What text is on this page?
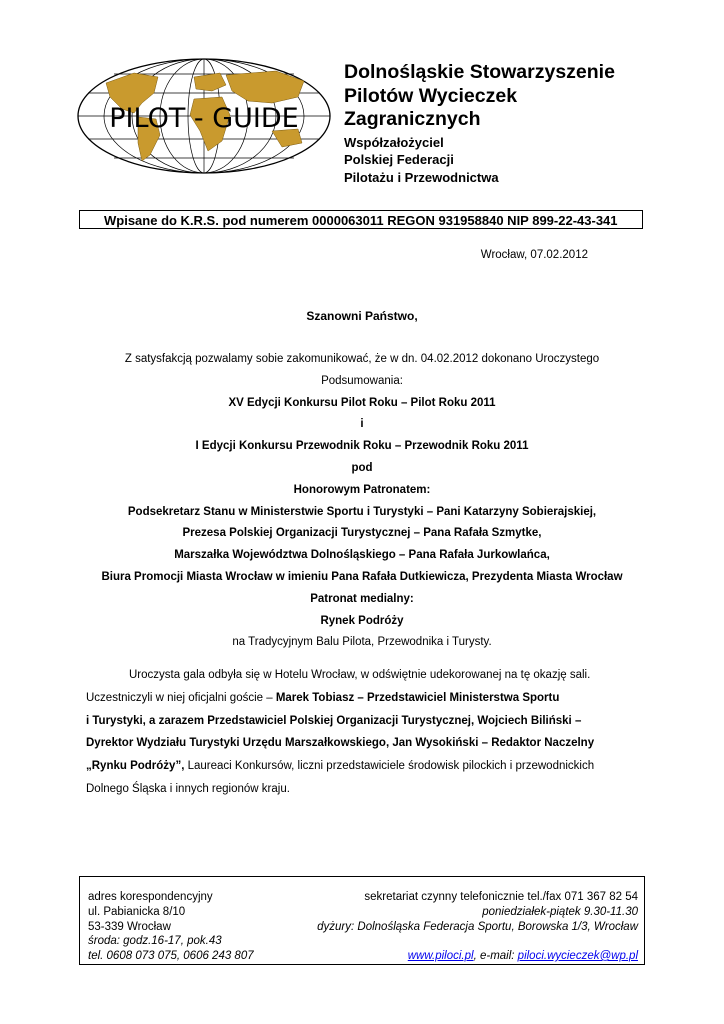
PILOT - GUIDE
Dolnośląskie Stowarzyszenie
Pilotów Wycieczek
Zagranicznych
Współzałożyciel
Polskiej Federacji
Pilotażu i Przewodnictwa
Wpisane do K.R.S. pod numerem 0000063011 REGON 931958840 NIP 899-22-43-341
Wrocław, 07.02.2012
Szanowni Państwo,
Z satysfakcją pozwalamy sobie zakomunikować, że w dn. 04.02.2012 dokonano Uroczystego
Podsumowania:
XV Edycji Konkursu Pilot Roku – Pilot Roku 2011
i
I Edycji Konkursu Przewodnik Roku – Przewodnik Roku 2011
pod
Honorowym Patronatem:
Podsekretarz Stanu w Ministerstwie Sportu i Turystyki – Pani Katarzyny Sobierajskiej,
Prezesa Polskiej Organizacji Turystycznej – Pana Rafała Szmytke,
Marszałka Województwa Dolnośląskiego – Pana Rafała Jurkowlańca,
Biura Promocji Miasta Wrocław w imieniu Pana Rafała Dutkiewicza, Prezydenta Miasta Wrocław
Patronat medialny:
Rynek Podróży
na Tradycyjnym Balu Pilota, Przewodnika i Turysty.
Uroczysta gala odbyła się w Hotelu Wrocław, w odświętnie udekorowanej na tę okazję sali.
Uczestniczyli w niej oficjalni goście – Marek Tobiasz – Przedstawiciel Ministerstwa Sportu
i Turystyki, a zarazem Przedstawiciel Polskiej Organizacji Turystycznej, Wojciech Biliński –
Dyrektor Wydziału Turystyki Urzędu Marszałkowskiego, Jan Wysokiński – Redaktor Naczelny
„Rynku Podróży”, Laureaci Konkursów, liczni przedstawiciele środowisk pilockich i przewodnickich
Dolnego Śląska i innych regionów kraju.
adres korespondencyjny	sekretariat czynny telefonicznie tel./fax 071 367 82 54
ul. Pabianicka 8/10	poniedziałek-piątek 9.30-11.30
53-339 Wrocław	dyżury: Dolnośląska Federacja Sportu, Borowska 1/3, Wrocław
środa: godz.16-17, pok.43
tel. 0608 073 075, 0606 243 807	www.piloci.pl, e-mail: piloci.wycieczek@wp.pl
